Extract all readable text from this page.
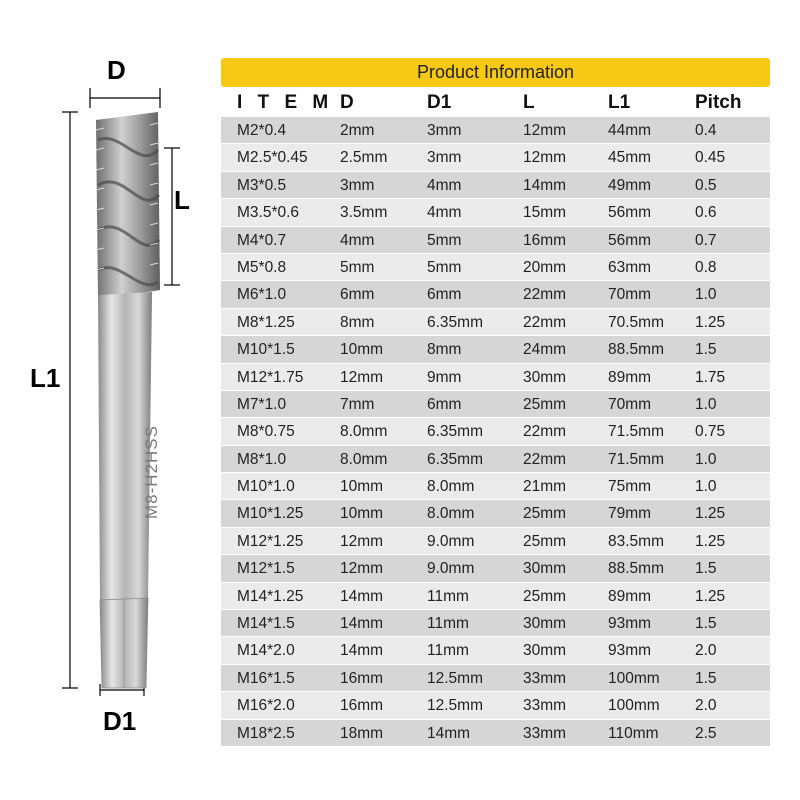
D
L
L1
D1
M8-H2HSS
Product Information
I T E M D	D1	L	L1	Pitch
M2*0.4	2mm	3mm	12mm	44mm	0.4
M2.5*0.45 2.5mm	3mm	12mm	45mm	0.45
M3*0.5	3mm	4mm	14mm	49mm	0.5
M3.5*0.6	3.5mm	4mm	15mm	56mm	0.6
M4*0.7	4mm	5mm	16mm	56mm	0.7
M5*0.8	5mm	5mm	20mm	63mm	0.8
M6*1.0	6mm	6mm	22mm	70mm	1.0
M8*1.25	8mm	6.35mm	22mm	70.5mm 1.25
M10*1.5	10mm	8mm	24mm	88.5mm 1.5
M12*1.75 12mm	9mm	30mm	89mm	1.75
M7*1.0	7mm	6mm	25mm	70mm	1.0
M8*0.75	8.0mm	6.35mm	22mm	71.5mm 0.75
M8*1.0	8.0mm	6.35mm	22mm	71.5mm 1.0
M10*1.0	10mm	8.0mm	21mm	75mm	1.0
M10*1.25 10mm	8.0mm	25mm	79mm	1.25
M12*1.25 12mm	9.0mm	25mm	83.5mm 1.25
M12*1.5	12mm	9.0mm	30mm	88.5mm 1.5
M14*1.25 14mm	11mm	25mm	89mm	1.25
M14*1.5	14mm	11mm	30mm	93mm	1.5
M14*2.0	14mm	11mm	30mm	93mm	2.0
M16*1.5	16mm	12.5mm	33mm	100mm 1.5
M16*2.0	16mm	12.5mm	33mm	100mm 2.0
M18*2.5	18mm	14mm	33mm	110mm 2.5
